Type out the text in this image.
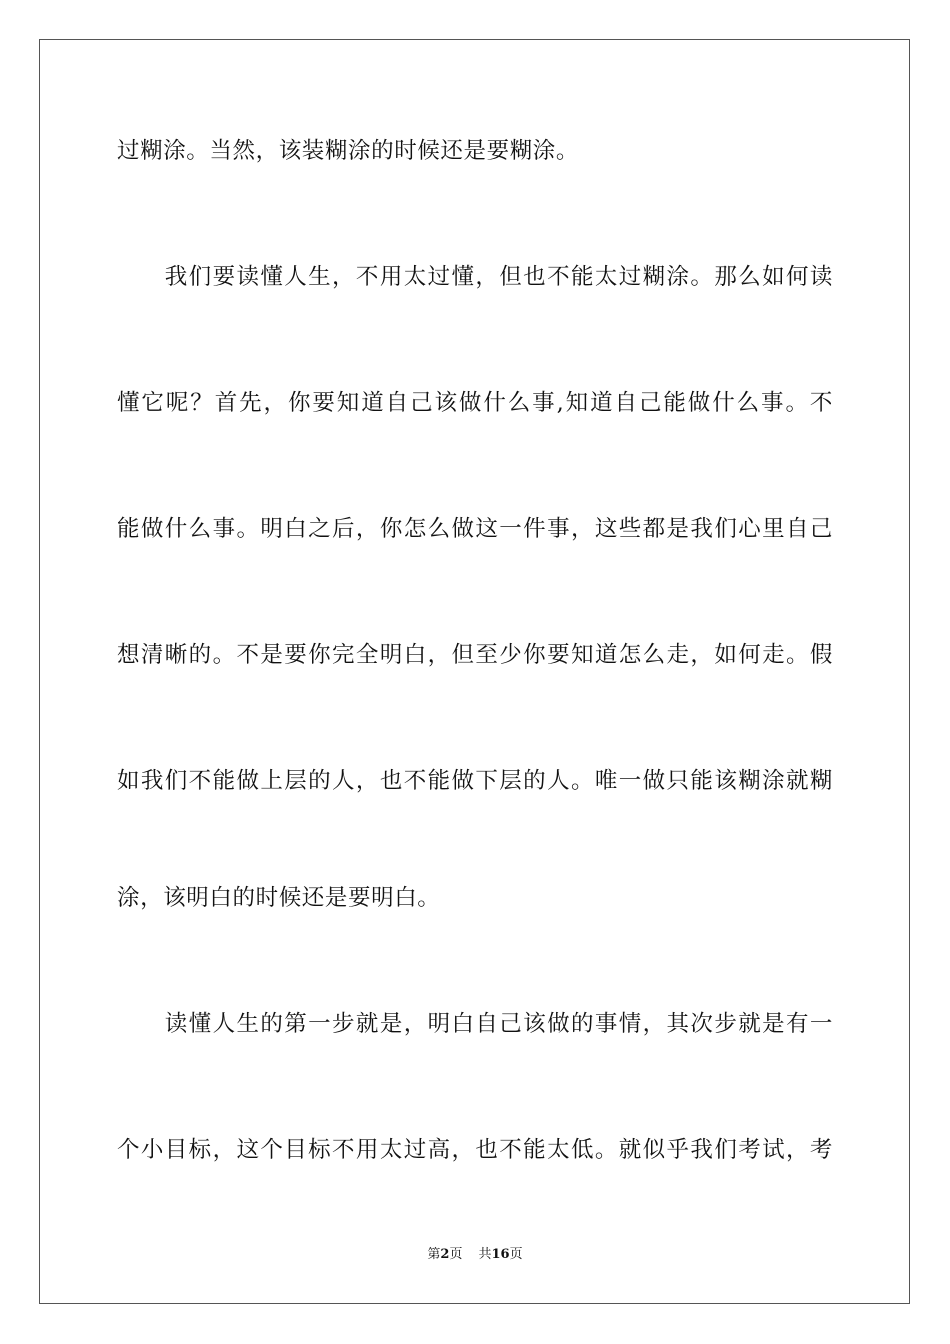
过糊涂。当然，该装糊涂的时候还是要糊涂。
　　我们要读懂人生，不用太过懂，但也不能太过糊涂。那么如何读
懂它呢？首先，你要知道自己该做什么事,知道自己能做什么事。不
能做什么事。明白之后，你怎么做这一件事，这些都是我们心里自己
想清晰的。不是要你完全明白，但至少你要知道怎么走，如何走。假
如我们不能做上层的人，也不能做下层的人。唯一做只能该糊涂就糊
涂，该明白的时候还是要明白。
　　读懂人生的第一步就是，明白自己该做的事情，其次步就是有一
个小目标，这个目标不用太过高，也不能太低。就似乎我们考试，考
第2页 共16页
